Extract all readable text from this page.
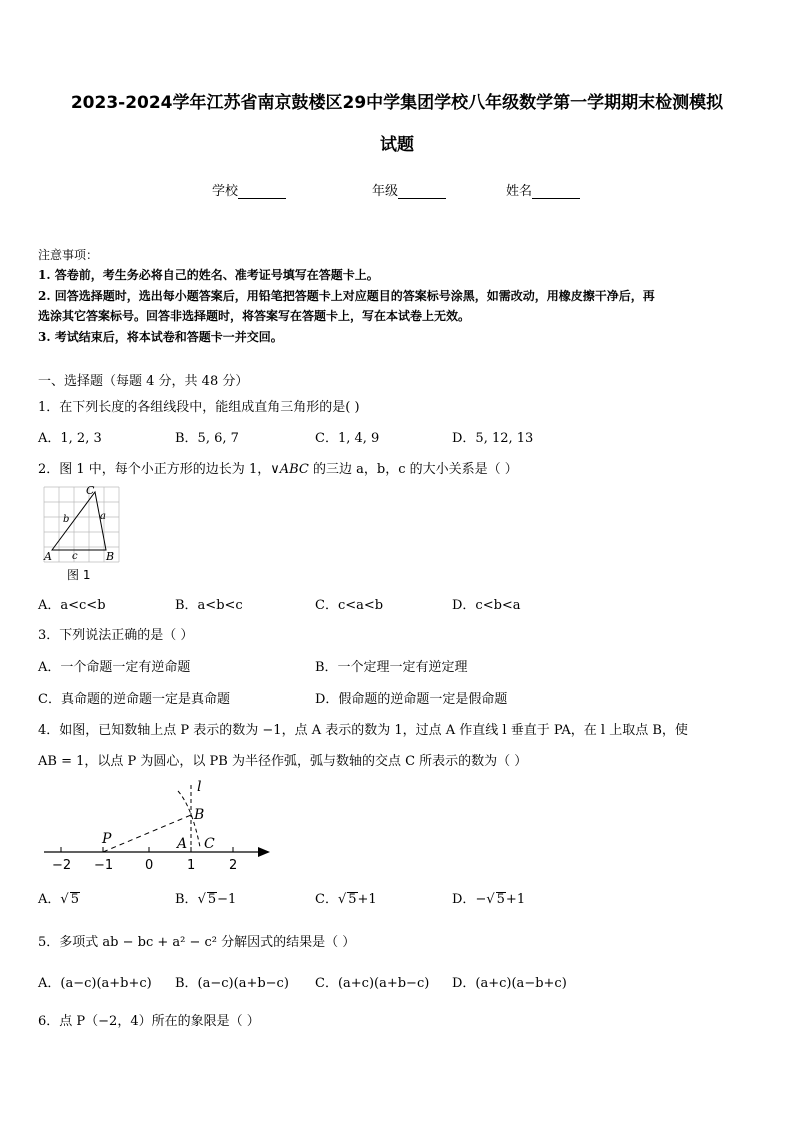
2023-2024学年江苏省南京鼓楼区29中学集团学校八年级数学第一学期期末检测模拟
试题
学校	年级	姓名
注意事项：
1. 答卷前，考生务必将自己的姓名、准考证号填写在答题卡上。
2. 回答选择题时，选出每小题答案后，用铅笔把答题卡上对应题目的答案标号涂黑，如需改动，用橡皮擦干净后，再
选涂其它答案标号。回答非选择题时，将答案写在答题卡上，写在本试卷上无效。
3. 考试结束后，将本试卷和答题卡一并交回。
一、选择题（每题 4 分，共 48 分）
1．在下列长度的各组线段中，能组成直角三角形的是( )
A．1, 2, 3	B．5, 6, 7	C．1, 4, 9	D．5, 12, 13
2．图 1 中，每个小正方形的边长为 1，∨ABC 的三边 a，b，c 的大小关系是（ ）
A	B
C
a
b
c
图 1
A．a<c<b	B．a<b<c	C．c<a<b	D．c<b<a
3．下列说法正确的是（ ）
A．一个命题一定有逆命题	B．一个定理一定有逆定理
C．真命题的逆命题一定是真命题	D．假命题的逆命题一定是假命题
4．如图，已知数轴上点 P 表示的数为 −1，点 A 表示的数为 1，过点 A 作直线 l 垂直于 PA，在 l 上取点 B，使
AB = 1，以点 P 为圆心，以 PB 为半径作弧，弧与数轴的交点 C 所表示的数为（ ）
l
B
P	A C
−2 −1 0	1	2
A．√ 5	B．√ 5−1	C．√ 5+1	D．−√ 5+1
5．多项式 ab − bc + a² − c² 分解因式的结果是（ ）
A．(a−c)(a+b+c) B．(a−c)(a+b−c) C．(a+c)(a+b−c) D．(a+c)(a−b+c)
6．点 P（−2，4）所在的象限是（ ）
